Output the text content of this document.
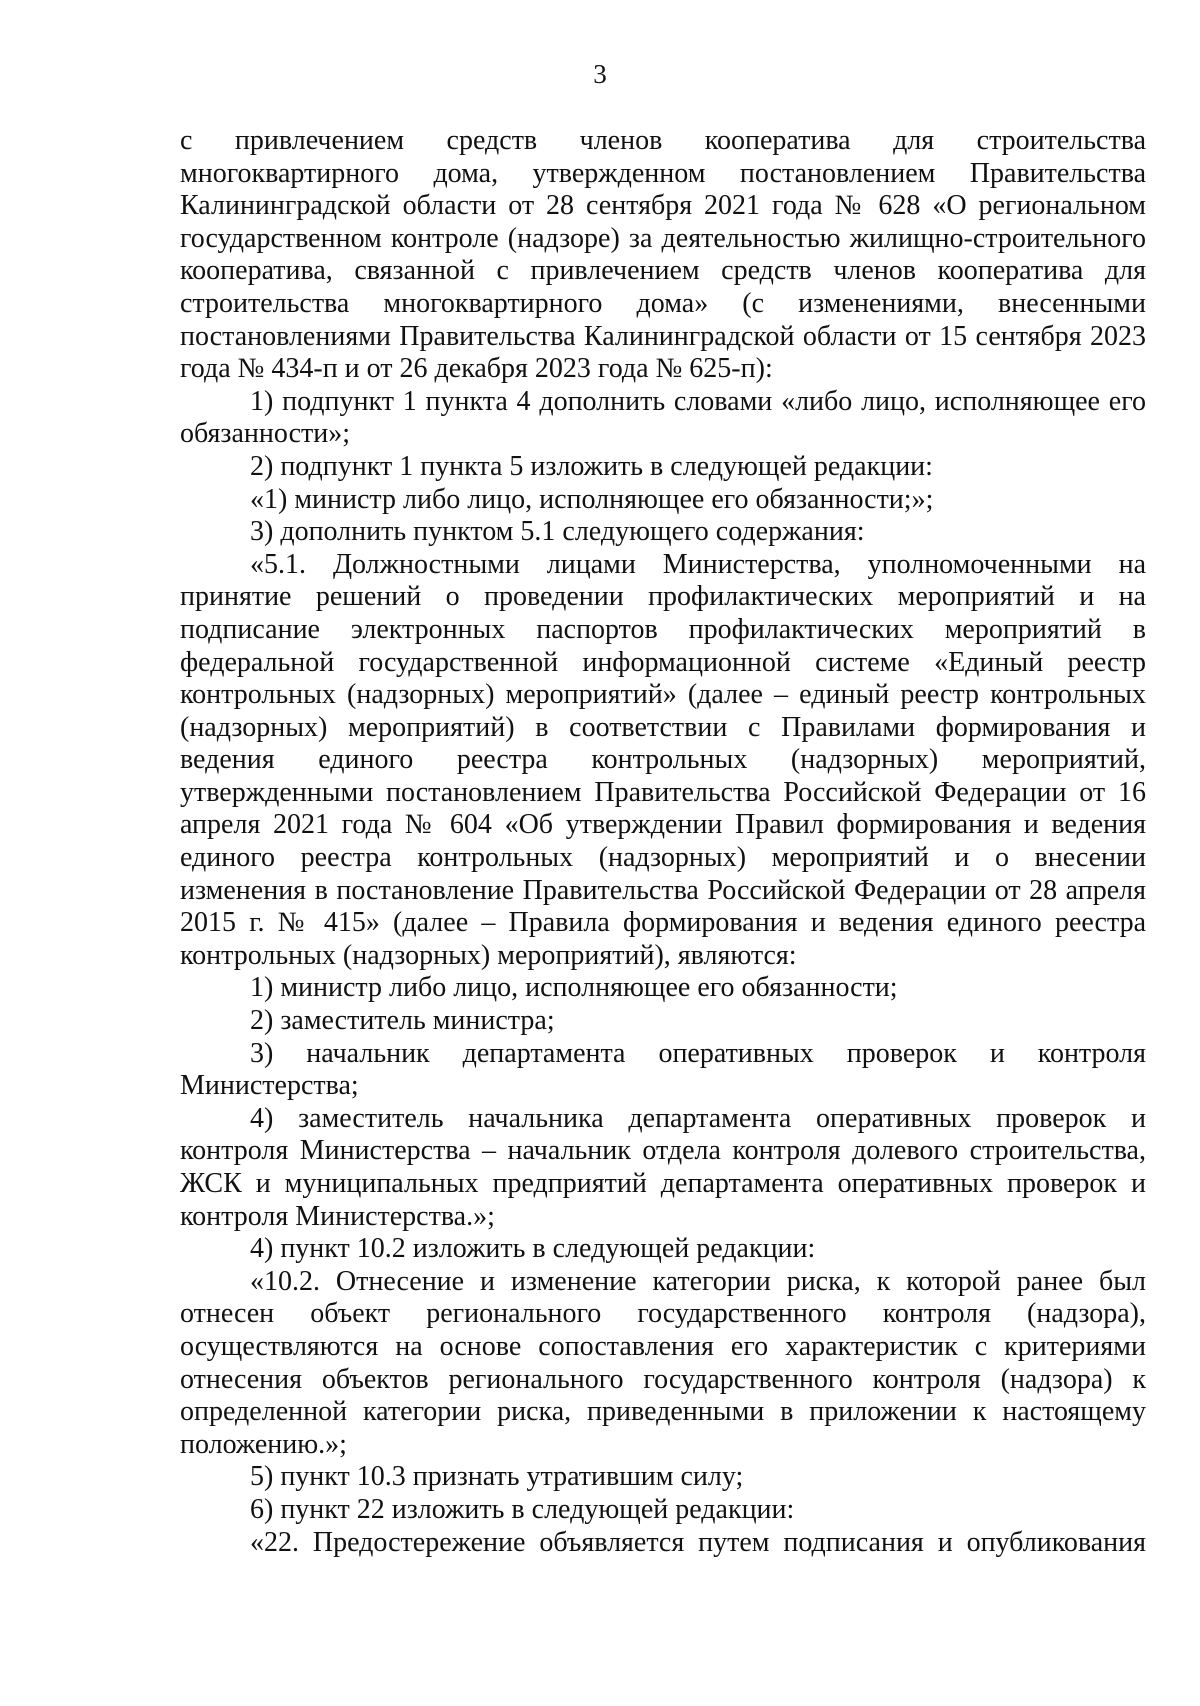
3

с привлечением средств членов кооператива для строительства многоквартирного дома, утвержденном постановлением Правительства Калининградской области от 28 сентября 2021 года № 628 «О региональном государственном контроле (надзоре) за деятельностью жилищно-строительного кооператива, связанной с привлечением средств членов кооператива для строительства многоквартирного дома» (с изменениями, внесенными постановлениями Правительства Калининградской области от 15 сентября 2023 года № 434-п и от 26 декабря 2023 года № 625-п):

1) подпункт 1 пункта 4 дополнить словами «либо лицо, исполняющее его обязанности»;

2) подпункт 1 пункта 5 изложить в следующей редакции:

«1) министр либо лицо, исполняющее его обязанности;»;

3) дополнить пунктом 5.1 следующего содержания:

«5.1. Должностными лицами Министерства, уполномоченными на принятие решений о проведении профилактических мероприятий и на подписание электронных паспортов профилактических мероприятий в федеральной государственной информационной системе «Единый реестр контрольных (надзорных) мероприятий» (далее – единый реестр контрольных (надзорных) мероприятий) в соответствии с Правилами формирования и ведения единого реестра контрольных (надзорных) мероприятий, утвержденными постановлением Правительства Российской Федерации от 16 апреля 2021 года № 604 «Об утверждении Правил формирования и ведения единого реестра контрольных (надзорных) мероприятий и о внесении изменения в постановление Правительства Российской Федерации от 28 апреля 2015 г. № 415» (далее – Правила формирования и ведения единого реестра контрольных (надзорных) мероприятий), являются:

1) министр либо лицо, исполняющее его обязанности;

2) заместитель министра;

3) начальник департамента оперативных проверок и контроля Министерства;

4) заместитель начальника департамента оперативных проверок и контроля Министерства – начальник отдела контроля долевого строительства, ЖСК и муниципальных предприятий департамента оперативных проверок и контроля Министерства.»;

4) пункт 10.2 изложить в следующей редакции:

«10.2. Отнесение и изменение категории риска, к которой ранее был отнесен объект регионального государственного контроля (надзора), осуществляются на основе сопоставления его характеристик с критериями отнесения объектов регионального государственного контроля (надзора) к определенной категории риска, приведенными в приложении к настоящему положению.»;

5) пункт 10.3 признать утратившим силу;

6) пункт 22 изложить в следующей редакции:

«22. Предостережение объявляется путем подписания и опубликования
